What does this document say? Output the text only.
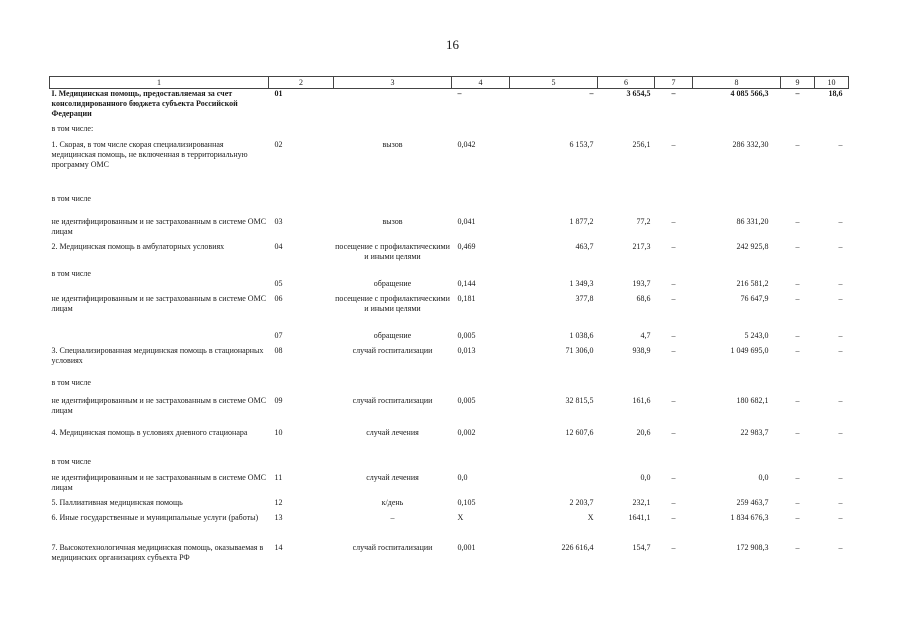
16
1	2	3	4	5	6	7	8	9	10
I. Медицинская помощь, предоставляемая за счет консолидированного бюджета субъекта Российской Федерации	01		–	–	3 654,5	–	4 085 566,3	–	18,6
в том числе:									
1. Скорая, в том числе скорая специализированная медицинская помощь, не включенная в территориальную программу ОМС	02	вызов	0,042	6 153,7	256,1	–	286 332,30	–	–
в том числе									
не идентифицированным и не застрахованным в системе ОМС лицам	03	вызов	0,041	1 877,2	77,2	–	86 331,20	–	–
2. Медицинская помощь в амбулаторных условиях	04	посещение с профилактическими и иными целями	0,469	463,7	217,3	–	242 925,8	–	–
в том числе									
	05	обращение	0,144	1 349,3	193,7	–	216 581,2	–	–
не идентифицированным и не застрахованным в системе ОМС лицам	06	посещение с профилактическими и иными целями	0,181	377,8	68,6	–	76 647,9	–	–
	07	обращение	0,005	1 038,6	4,7	–	5 243,0	–	–
3. Специализированная медицинская помощь в стационарных условиях	08	случай госпитализации	0,013	71 306,0	938,9	–	1 049 695,0	–	–
в том числе									
не идентифицированным и не застрахованным в системе ОМС лицам	09	случай госпитализации	0,005	32 815,5	161,6	–	180 682,1	–	–
4. Медицинская помощь в условиях дневного стационара	10	случай лечения	0,002	12 607,6	20,6	–	22 983,7	–	–
в том числе									
не идентифицированным и не застрахованным в системе ОМС лицам	11	случай лечения	0,0		0,0	–	0,0	–	–
5. Паллиативная медицинская помощь	12	к/день	0,105	2 203,7	232,1	–	259 463,7	–	–
6. Иные государственные и муниципальные услуги (работы)	13	–	X	X	1641,1	–	1 834 676,3	–	–
7. Высокотехнологичная медицинская помощь, оказываемая в медицинских организациях субъекта РФ	14	случай госпитализации	0,001	226 616,4	154,7	–	172 908,3	–	–
